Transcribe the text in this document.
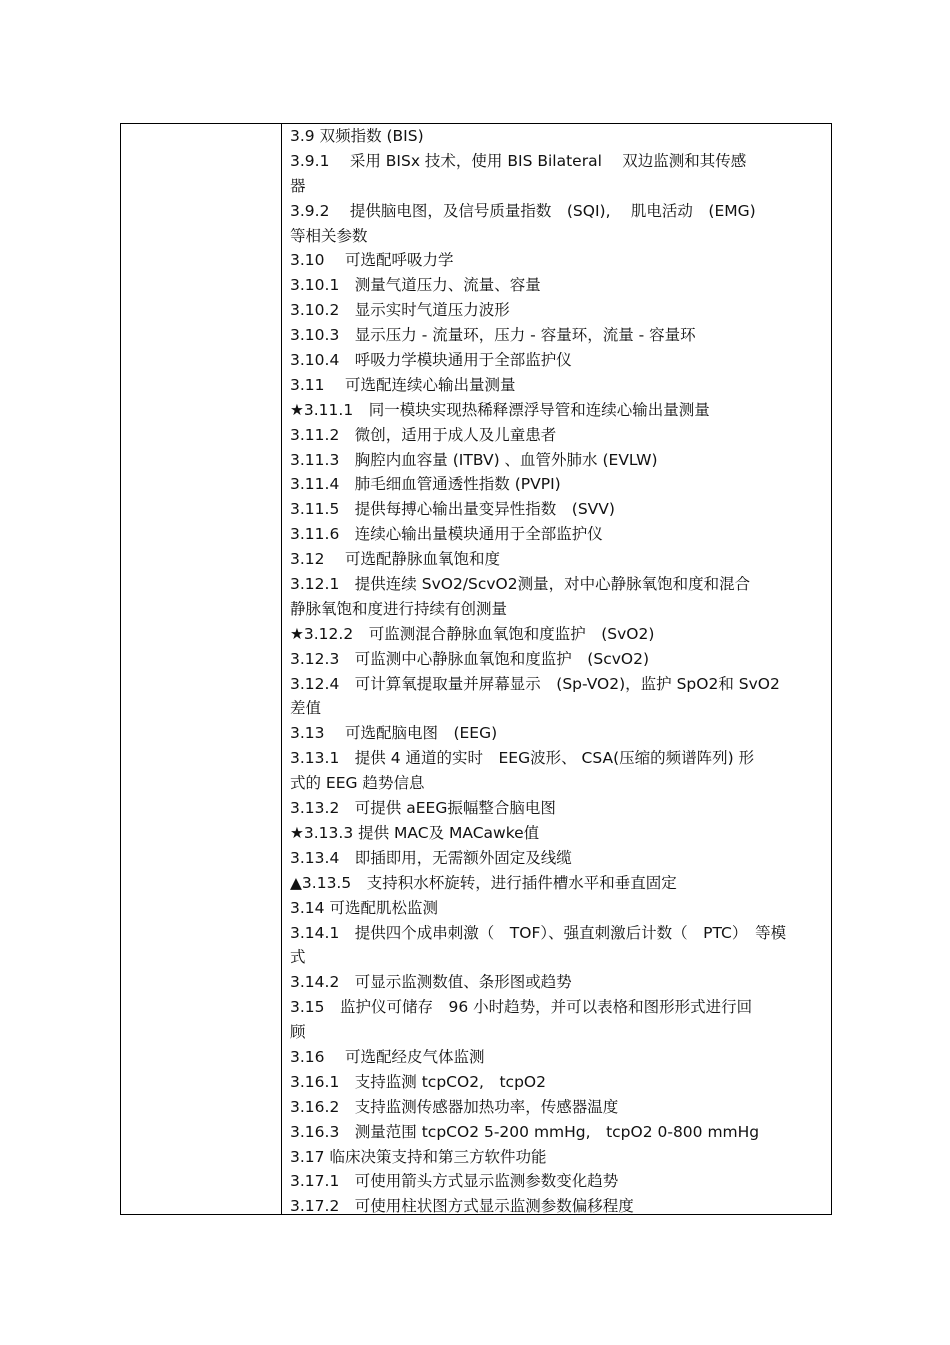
3.9 双频指数 (BIS)
3.9.1　 采用 BISx 技术，使用 BIS Bilateral　 双边监测和其传感
器
3.9.2　 提供脑电图，及信号质量指数　(SQI),　 肌电活动　(EMG)
等相关参数
3.10　 可选配呼吸力学
3.10.1　测量气道压力、流量、容量
3.10.2　显示实时气道压力波形
3.10.3　显示压力 - 流量环，压力 - 容量环，流量 - 容量环
3.10.4　呼吸力学模块通用于全部监护仪
3.11　 可选配连续心输出量测量
★3.11.1　同一模块实现热稀释漂浮导管和连续心输出量测量
3.11.2　微创，适用于成人及儿童患者
3.11.3　胸腔内血容量 (ITBV) 、血管外肺水 (EVLW)
3.11.4　肺毛细血管通透性指数 (PVPI)
3.11.5　提供每搏心输出量变异性指数　(SVV)
3.11.6　连续心输出量模块通用于全部监护仪
3.12　 可选配静脉血氧饱和度
3.12.1　提供连续 SvO2/ScvO2测量，对中心静脉氧饱和度和混合
静脉氧饱和度进行持续有创测量
★3.12.2　可监测混合静脉血氧饱和度监护　(SvO2)
3.12.3　可监测中心静脉血氧饱和度监护　(ScvO2)
3.12.4　可计算氧提取量并屏幕显示　(Sp-VO2)，监护 SpO2和 SvO2
差值
3.13　 可选配脑电图　(EEG)
3.13.1　提供 4 通道的实时　EEG波形、 CSA(压缩的频谱阵列) 形
式的 EEG 趋势信息
3.13.2　可提供 aEEG振幅整合脑电图
★3.13.3 提供 MAC及 MACawke值
3.13.4　即插即用，无需额外固定及线缆
▲3.13.5　支持积水杯旋转，进行插件槽水平和垂直固定
3.14 可选配肌松监测
3.14.1　提供四个成串刺激（　TOF）、强直刺激后计数（　PTC）　等模
式
3.14.2　可显示监测数值、条形图或趋势
3.15　监护仪可储存　96 小时趋势，并可以表格和图形形式进行回
顾
3.16　 可选配经皮气体监测
3.16.1　支持监测 tcpCO2,　tcpO2
3.16.2　支持监测传感器加热功率，传感器温度
3.16.3　测量范围 tcpCO2 5-200 mmHg,　tcpO2 0-800 mmHg
3.17 临床决策支持和第三方软件功能
3.17.1　可使用箭头方式显示监测参数变化趋势
3.17.2　可使用柱状图方式显示监测参数偏移程度
